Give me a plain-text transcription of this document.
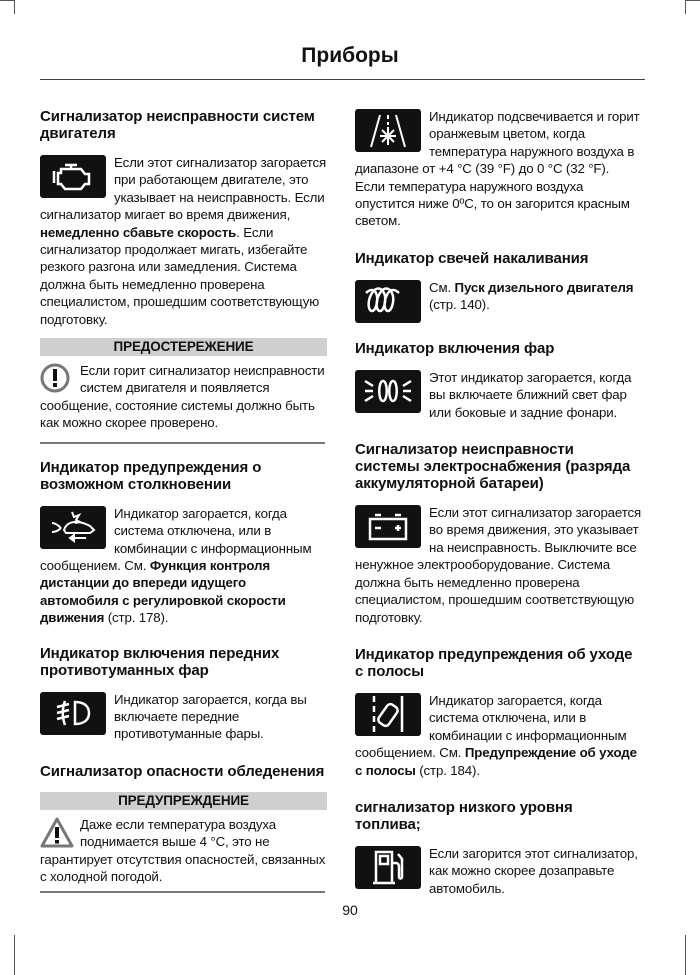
Приборы
Сигнализатор неисправности систем двигателя

Если этот сигнализатор загорается при работающем двигателе, это указывает на неисправность. Если сигнализатор мигает во время движения, немедленно сбавьте скорость. Если сигнализатор продолжает мигать, избегайте резкого разгона или замедления. Система должна быть немедленно проверена специалистом, прошедшим соответствующую подготовку.

ПРЕДОСТЕРЕЖЕНИЕ

Если горит сигнализатор неисправности систем двигателя и появляется сообщение, состояние системы должно быть как можно скорее проверено.

Индикатор предупреждения о возможном столкновении

Индикатор загорается, когда система отключена, или в комбинации с информационным сообщением. См. Функция контроля дистанции до впереди идущего автомобиля с регулировкой скорости движения (стр. 178).

Индикатор включения передних противотуманных фар

Индикатор загорается, когда вы включаете передние противотуманные фары.

Сигнализатор опасности обледенения
ПРЕДУПРЕЖДЕНИЕ

Даже если температура воздуха поднимается выше 4 °С, это не гарантирует отсутствия опасностей, связанных с холодной погодой.

Индикатор подсвечивается и горит оранжевым цветом, когда температура наружного воздуха в диапазоне от +4 °C (39 °F) до 0 °C (32 °F). Если температура наружного воздуха опустится ниже 0ºC, то он загорится красным светом.

Индикатор свечей накаливания

См. Пуск дизельного двигателя (стр. 140).

Индикатор включения фар

Этот индикатор загорается, когда вы включаете ближний свет фар или боковые и задние фонари.

Сигнализатор неисправности системы электроснабжения (разряда аккумуляторной батареи)

Если этот сигнализатор загорается во время движения, это указывает на неисправность. Выключите все ненужное электрооборудование. Система должна быть немедленно проверена специалистом, прошедшим соответствующую подготовку.

Индикатор предупреждения об уходе с полосы

Индикатор загорается, когда система отключена, или в комбинации с информационным сообщением. См. Предупреждение об уходе с полосы (стр. 184).

сигнализатор низкого уровня топлива;

Если загорится этот сигнализатор, как можно скорее дозаправьте автомобиль.

90
